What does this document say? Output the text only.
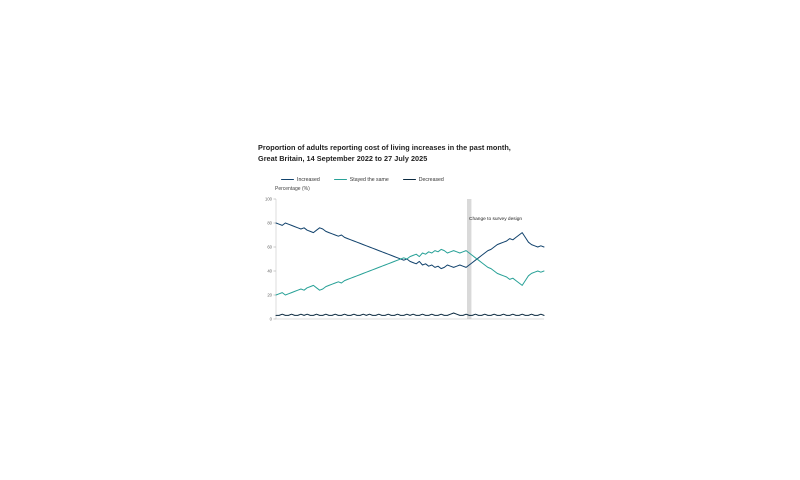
Proportion of adults reporting cost of living increases in the past month,
Great Britain, 14 September 2022 to 27 July 2025
Increased	Stayed the same	Decreased
Percentage (%)
0
20
40
60
80
100
Change to survey design
